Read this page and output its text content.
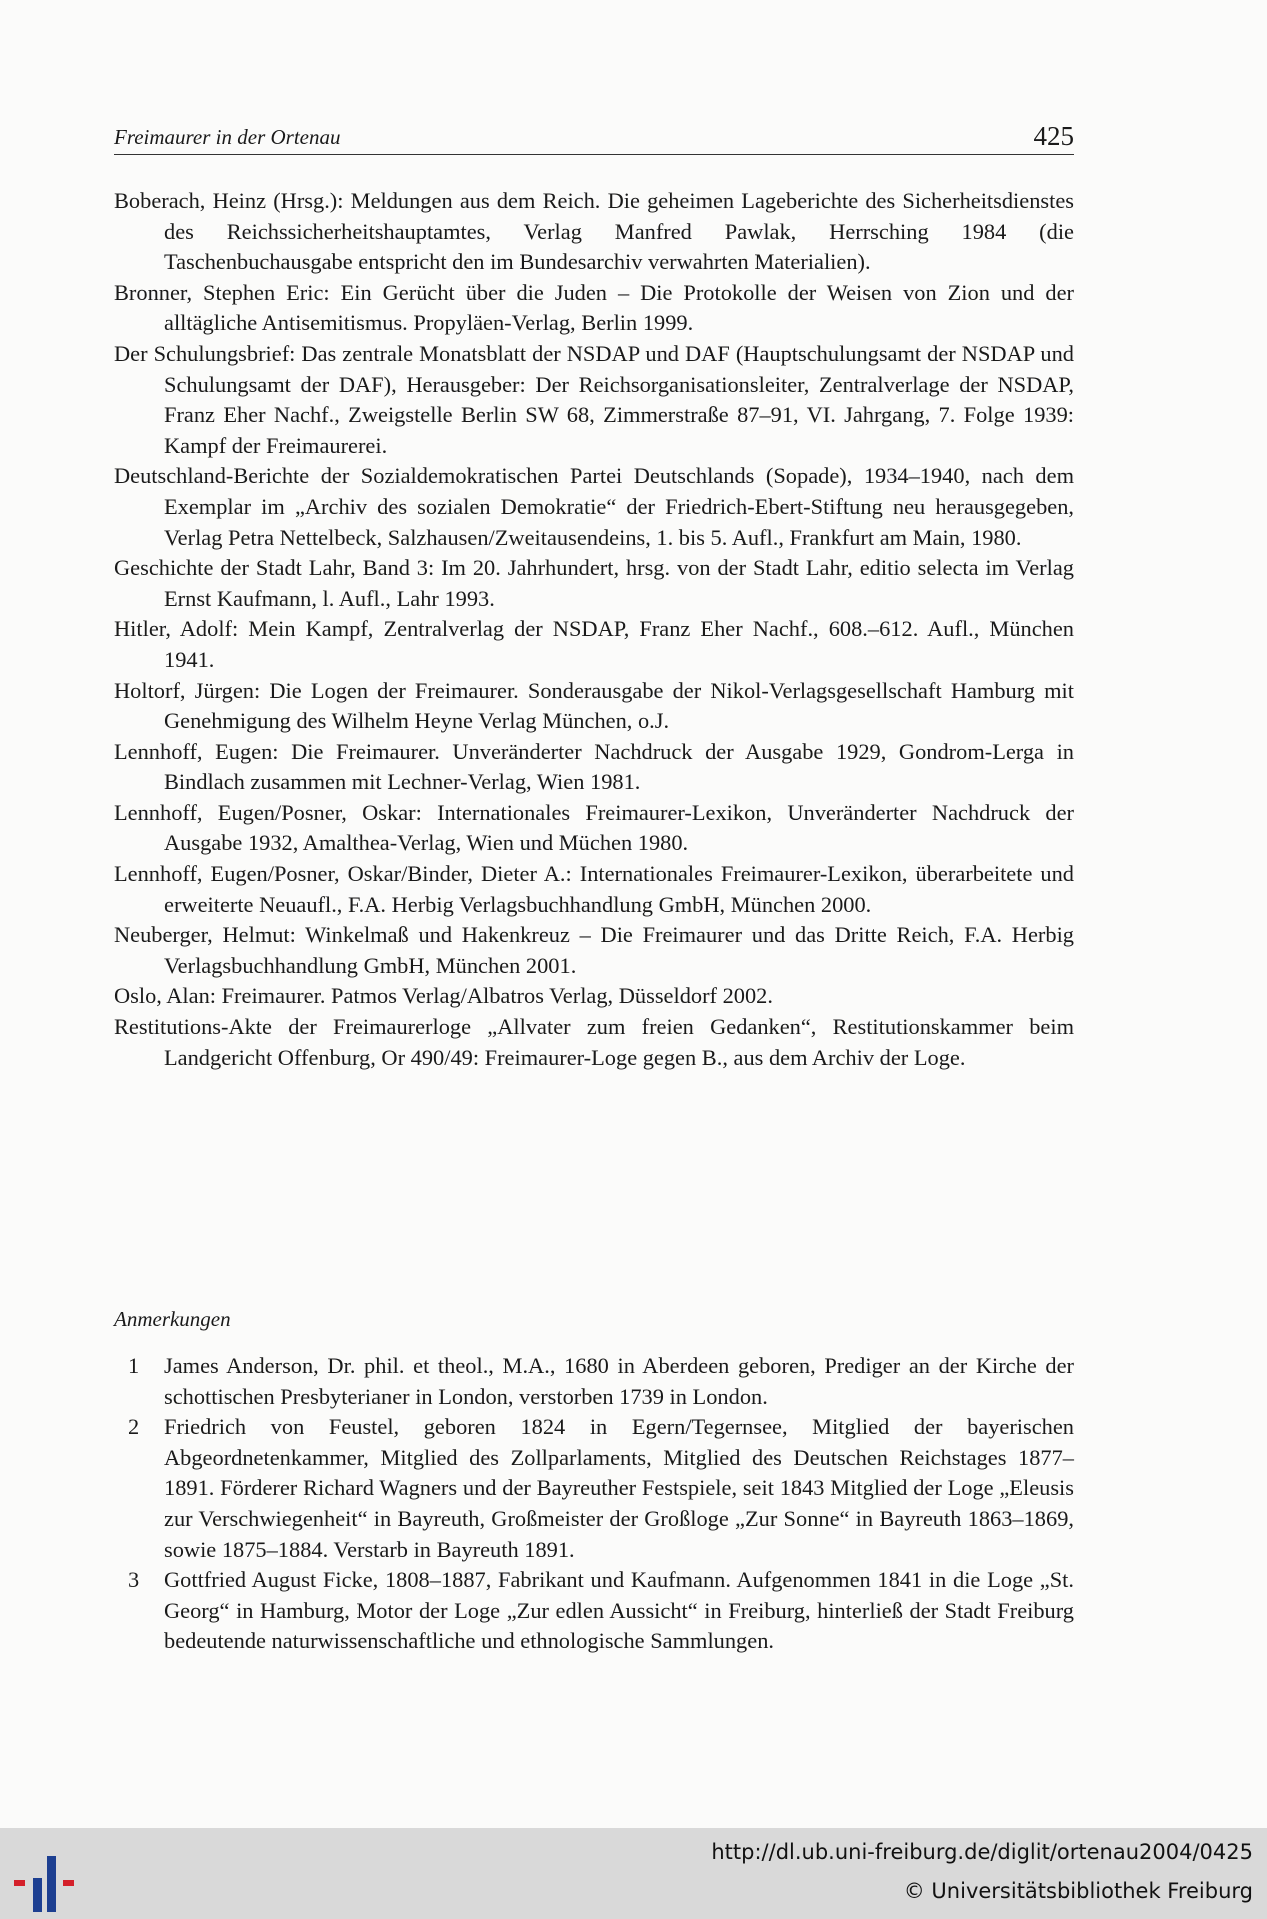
Freimaurer in der Ortenau	425

Boberach, Heinz (Hrsg.): Meldungen aus dem Reich. Die geheimen Lageberichte des Sicherheitsdienstes des Reichssicherheitshauptamtes, Verlag Manfred Pawlak, Herrsching 1984 (die Taschenbuchausgabe entspricht den im Bundesarchiv verwahrten Materialien).

Bronner, Stephen Eric: Ein Gerücht über die Juden – Die Protokolle der Weisen von Zion und der alltägliche Antisemitismus. Propyläen-Verlag, Berlin 1999.

Der Schulungsbrief: Das zentrale Monatsblatt der NSDAP und DAF (Hauptschulungsamt der NSDAP und Schulungsamt der DAF), Herausgeber: Der Reichsorganisationsleiter, Zentralverlage der NSDAP, Franz Eher Nachf., Zweigstelle Berlin SW 68, Zimmerstraße 87–91, VI. Jahrgang, 7. Folge 1939: Kampf der Freimaurerei.

Deutschland-Berichte der Sozialdemokratischen Partei Deutschlands (Sopade), 1934–1940, nach dem Exemplar im „Archiv des sozialen Demokratie“ der Friedrich-Ebert-Stiftung neu herausgegeben, Verlag Petra Nettelbeck, Salzhausen/Zweitausendeins, 1. bis 5. Aufl., Frankfurt am Main, 1980.

Geschichte der Stadt Lahr, Band 3: Im 20. Jahrhundert, hrsg. von der Stadt Lahr, editio selecta im Verlag Ernst Kaufmann, l. Aufl., Lahr 1993.

Hitler, Adolf: Mein Kampf, Zentralverlag der NSDAP, Franz Eher Nachf., 608.–612. Aufl., München 1941.

Holtorf, Jürgen: Die Logen der Freimaurer. Sonderausgabe der Nikol-Verlagsgesellschaft Hamburg mit Genehmigung des Wilhelm Heyne Verlag München, o.J.

Lennhoff, Eugen: Die Freimaurer. Unveränderter Nachdruck der Ausgabe 1929, Gondrom-Lerga in Bindlach zusammen mit Lechner-Verlag, Wien 1981.

Lennhoff, Eugen/Posner, Oskar: Internationales Freimaurer-Lexikon, Unveränderter Nachdruck der Ausgabe 1932, Amalthea-Verlag, Wien und Müchen 1980.

Lennhoff, Eugen/Posner, Oskar/Binder, Dieter A.: Internationales Freimaurer-Lexikon, überarbeitete und erweiterte Neuaufl., F.A. Herbig Verlagsbuchhandlung GmbH, München 2000.

Neuberger, Helmut: Winkelmaß und Hakenkreuz – Die Freimaurer und das Dritte Reich, F.A. Herbig Verlagsbuchhandlung GmbH, München 2001.

Oslo, Alan: Freimaurer. Patmos Verlag/Albatros Verlag, Düsseldorf 2002.

Restitutions-Akte der Freimaurerloge „Allvater zum freien Gedanken“, Restitutionskammer beim Landgericht Offenburg, Or 490/49: Freimaurer-Loge gegen B., aus dem Archiv der Loge.

Anmerkungen
1 James Anderson, Dr. phil. et theol., M.A., 1680 in Aberdeen geboren, Prediger an der Kirche der schottischen Presbyterianer in London, verstorben 1739 in London.
2 Friedrich von Feustel, geboren 1824 in Egern/Tegernsee, Mitglied der bayerischen Abgeordnetenkammer, Mitglied des Zollparlaments, Mitglied des Deutschen Reichstages 1877–1891. Förderer Richard Wagners und der Bayreuther Festspiele, seit 1843 Mitglied der Loge „Eleusis zur Verschwiegenheit“ in Bayreuth, Großmeister der Großloge „Zur Sonne“ in Bayreuth 1863–1869, sowie 1875–1884. Verstarb in Bayreuth 1891.
3 Gottfried August Ficke, 1808–1887, Fabrikant und Kaufmann. Aufgenommen 1841 in die Loge „St. Georg“ in Hamburg, Motor der Loge „Zur edlen Aussicht“ in Freiburg, hinterließ der Stadt Freiburg bedeutende naturwissenschaftliche und ethnologische Sammlungen.
http://dl.ub.uni-freiburg.de/diglit/ortenau2004/0425
© Universitätsbibliothek Freiburg
